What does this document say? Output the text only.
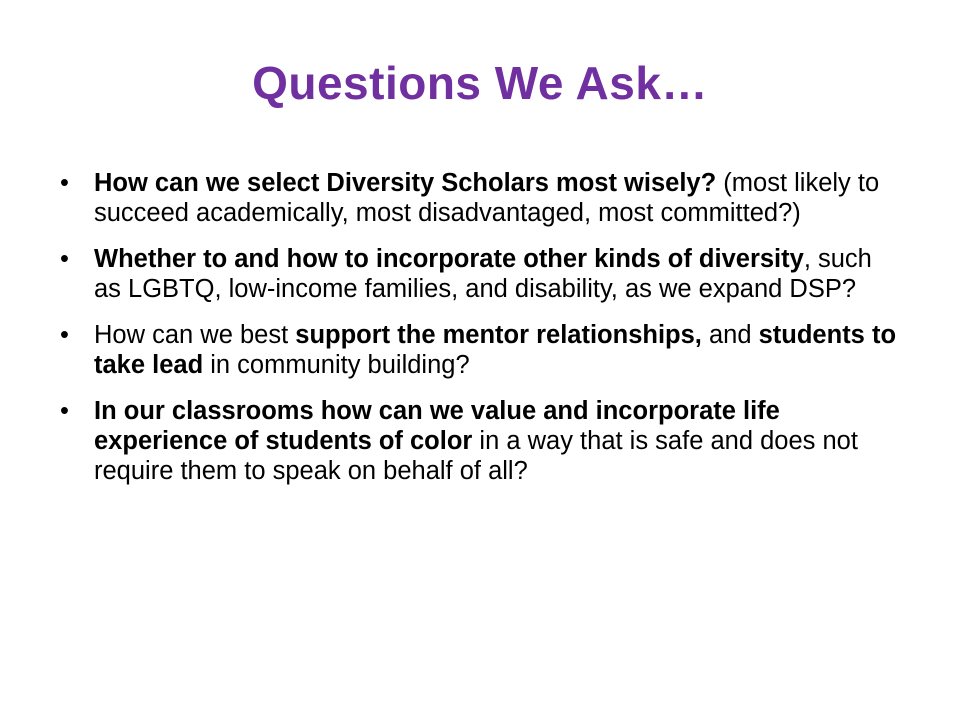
Questions We Ask…
• How can we select Diversity Scholars most wisely? (most likely to succeed academically, most disadvantaged, most committed?)
• Whether to and how to incorporate other kinds of diversity, such as LGBTQ, low-income families, and disability, as we expand DSP?
• How can we best support the mentor relationships, and students to take lead in community building?
• In our classrooms how can we value and incorporate life experience of students of color in a way that is safe and does not require them to speak on behalf of all?
